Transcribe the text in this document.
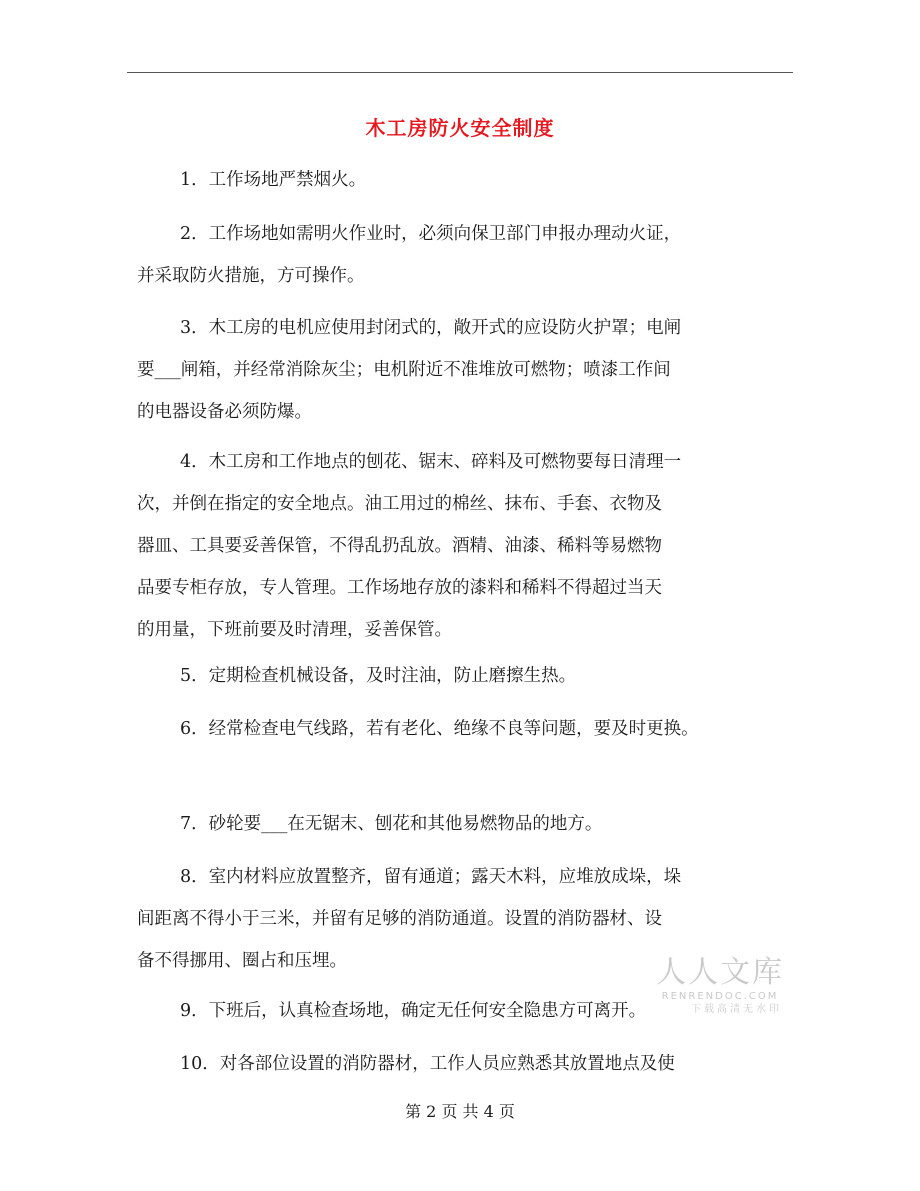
木工房防火安全制度
1．工作场地严禁烟火。
2．工作场地如需明火作业时，必须向保卫部门申报办理动火证，
并采取防火措施，方可操作。
3．木工房的电机应使用封闭式的，敞开式的应设防火护罩；电闸
要___闸箱，并经常消除灰尘；电机附近不准堆放可燃物；喷漆工作间
的电器设备必须防爆。
4．木工房和工作地点的刨花、锯末、碎料及可燃物要每日清理一
次，并倒在指定的安全地点。油工用过的棉丝、抹布、手套、衣物及
器皿、工具要妥善保管，不得乱扔乱放。酒精、油漆、稀料等易燃物
品要专柜存放，专人管理。工作场地存放的漆料和稀料不得超过当天
的用量，下班前要及时清理，妥善保管。
5．定期检查机械设备，及时注油，防止磨擦生热。
6．经常检查电气线路，若有老化、绝缘不良等问题，要及时更换。
7．砂轮要___在无锯末、刨花和其他易燃物品的地方。
8．室内材料应放置整齐，留有通道；露天木料，应堆放成垛，垛
间距离不得小于三米，并留有足够的消防通道。设置的消防器材、设
备不得挪用、圈占和压埋。
9．下班后，认真检查场地，确定无任何安全隐患方可离开。
10．对各部位设置的消防器材，工作人员应熟悉其放置地点及使
人人文库
RENRENDOC.COM
下载高清无水印
第 2 页 共 4 页
